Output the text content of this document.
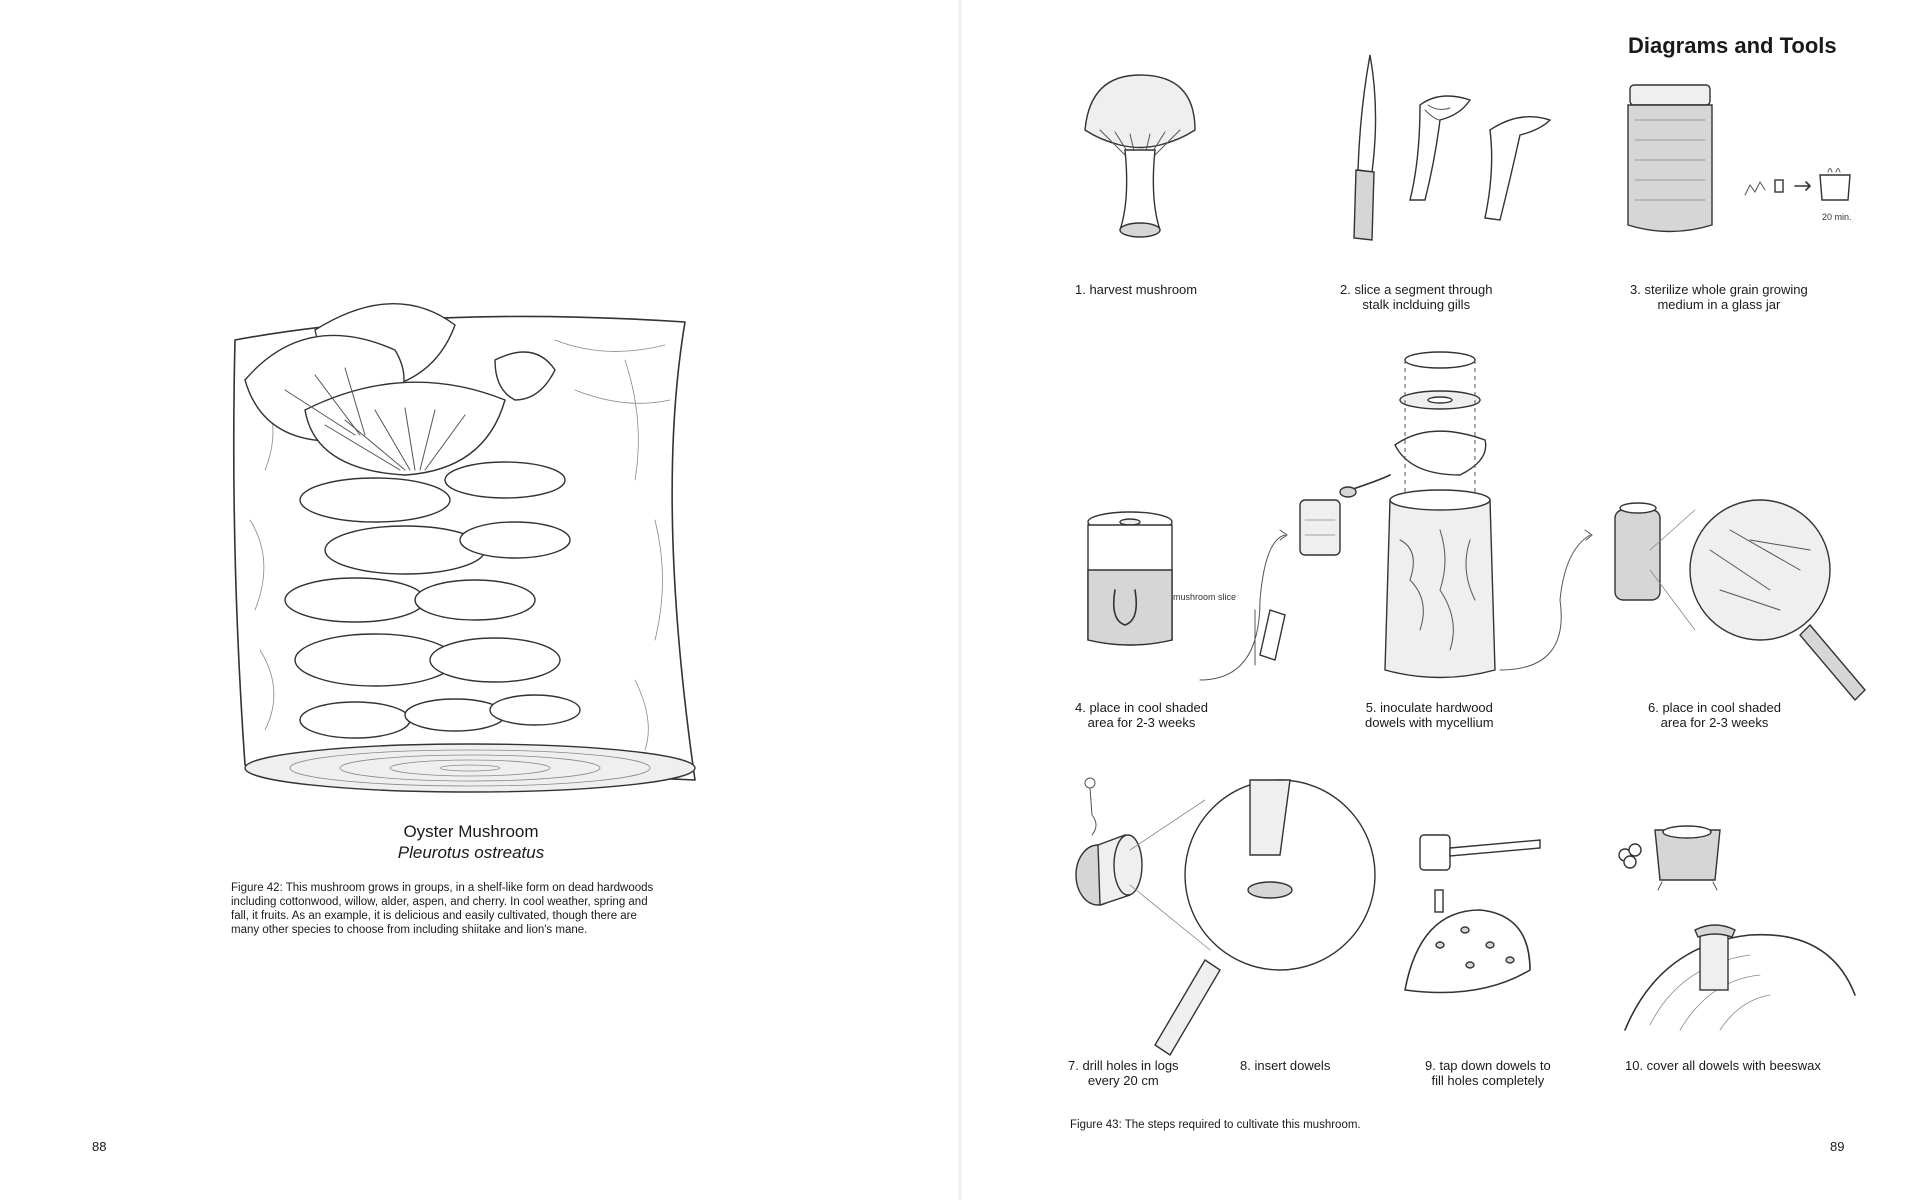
Oyster Mushroom
Pleurotus ostreatus
Figure 42: This mushroom grows in groups, in a shelf-like form on dead hardwoods including cottonwood, willow, alder, aspen, and cherry. In cool weather, spring and fall, it fruits. As an example, it is delicious and easily cultivated, though there are many other species to choose from including shiitake and lion's mane.
88
Diagrams and Tools
20 min.
1. harvest mushroom	2. slice a segment through
stalk inclduing gills
3. sterilize whole grain growing
medium in a glass jar
mushroom slice
4. place in cool shaded
area for 2-3 weeks
5. inoculate hardwood
dowels with mycellium
6. place in cool shaded
area for 2-3 weeks
7. drill holes in logs
every 20 cm
8. insert dowels	9. tap down dowels to
fill holes completely
10. cover all dowels with beeswax
Figure 43: The steps required to cultivate this mushroom.
89
